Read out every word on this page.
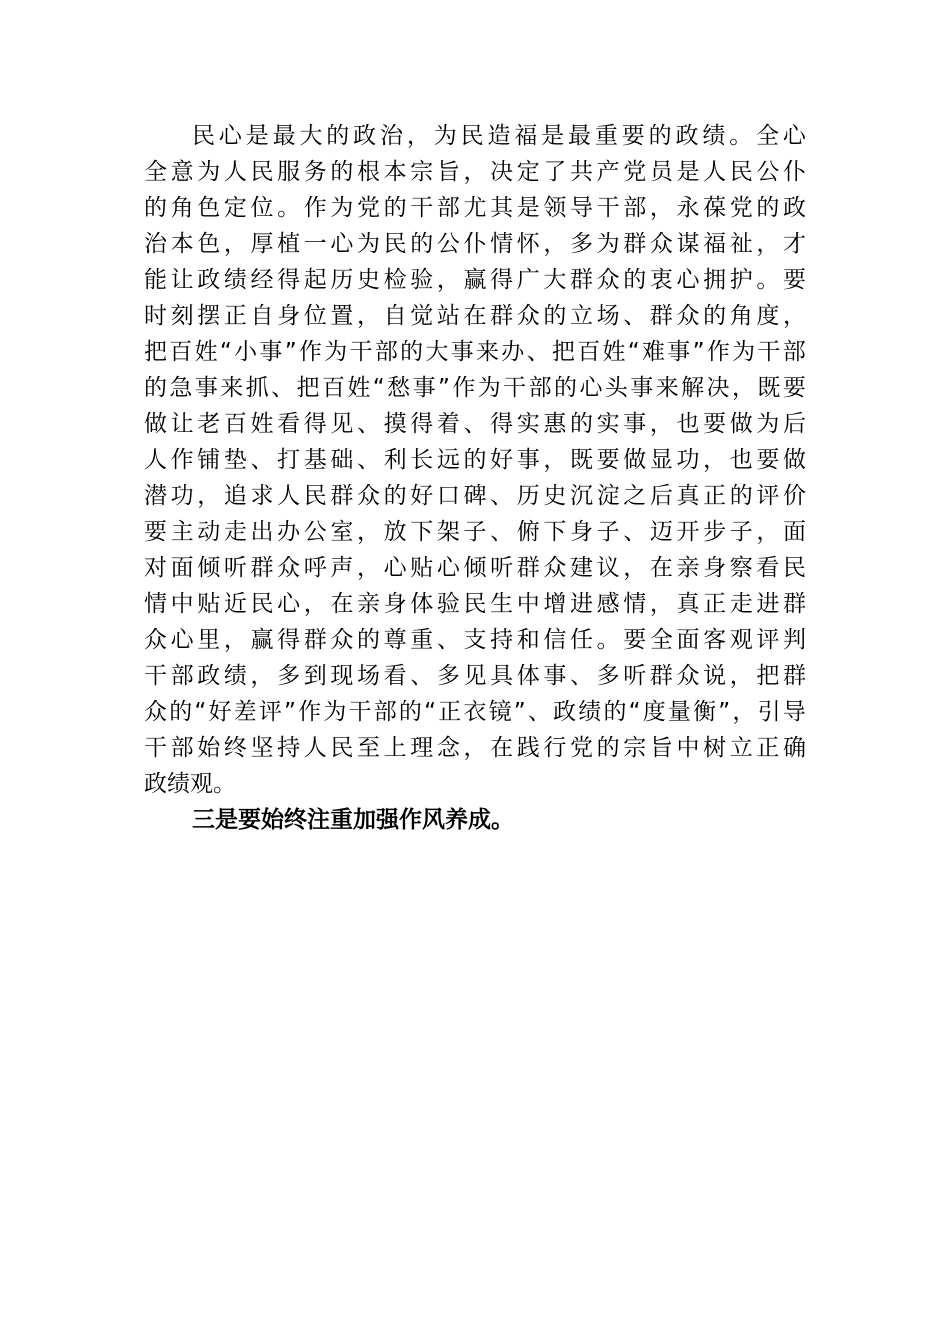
民 心 是 最 大 的 政 治 ， 为 民 造 福 是 最 重 要 的 政 绩 。 全 心
全 意 为 人 民 服 务 的 根 本 宗 旨 ， 决 定 了 共 产 党 员 是 人 民 公 仆
的 角 色 定 位 。 作 为 党 的 干 部 尤 其 是 领 导 干 部 ， 永 葆 党 的 政
治 本 色 ， 厚 植 一 心 为 民 的 公 仆 情 怀 ， 多 为 群 众 谋 福 祉 ， 才
能 让 政 绩 经 得 起 历 史 检 验 ， 赢 得 广 大 群 众 的 衷 心 拥 护 。 要
时 刻 摆 正 自 身 位 置 ， 自 觉 站 在 群 众 的 立 场 、 群 众 的 角 度 ，
把 百 姓 “ 小 事 ” 作 为 干 部 的 大 事 来 办 、 把 百 姓 “ 难 事 ” 作 为 干 部
的 急 事 来 抓 、 把 百 姓 “ 愁 事 ” 作 为 干 部 的 心 头 事 来 解 决 ， 既 要
做 让 老 百 姓 看 得 见 、 摸 得 着 、 得 实 惠 的 实 事 ， 也 要 做 为 后
人 作 铺 垫 、 打 基 础 、 利 长 远 的 好 事 ， 既 要 做 显 功 ， 也 要 做
潜 功 ， 追 求 人 民 群 众 的 好 口 碑 、 历 史 沉 淀 之 后 真 正 的 评 价
要 主 动 走 出 办 公 室 ， 放 下 架 子 、 俯 下 身 子 、 迈 开 步 子 ， 面
对 面 倾 听 群 众 呼 声 ， 心 贴 心 倾 听 群 众 建 议 ， 在 亲 身 察 看 民
情 中 贴 近 民 心 ， 在 亲 身 体 验 民 生 中 增 进 感 情 ， 真 正 走 进 群
众 心 里 ， 赢 得 群 众 的 尊 重 、 支 持 和 信 任 。 要 全 面 客 观 评 判
干 部 政 绩 ， 多 到 现 场 看 、 多 见 具 体 事 、 多 听 群 众 说 ， 把 群
众 的 “ 好 差 评 ” 作 为 干 部 的 “ 正 衣 镜 ” 、 政 绩 的 “ 度 量 衡 ” ， 引 导
干 部 始 终 坚 持 人 民 至 上 理 念 ， 在 践 行 党 的 宗 旨 中 树 立 正 确
政绩观。
三是要始终注重加强作风养成。
